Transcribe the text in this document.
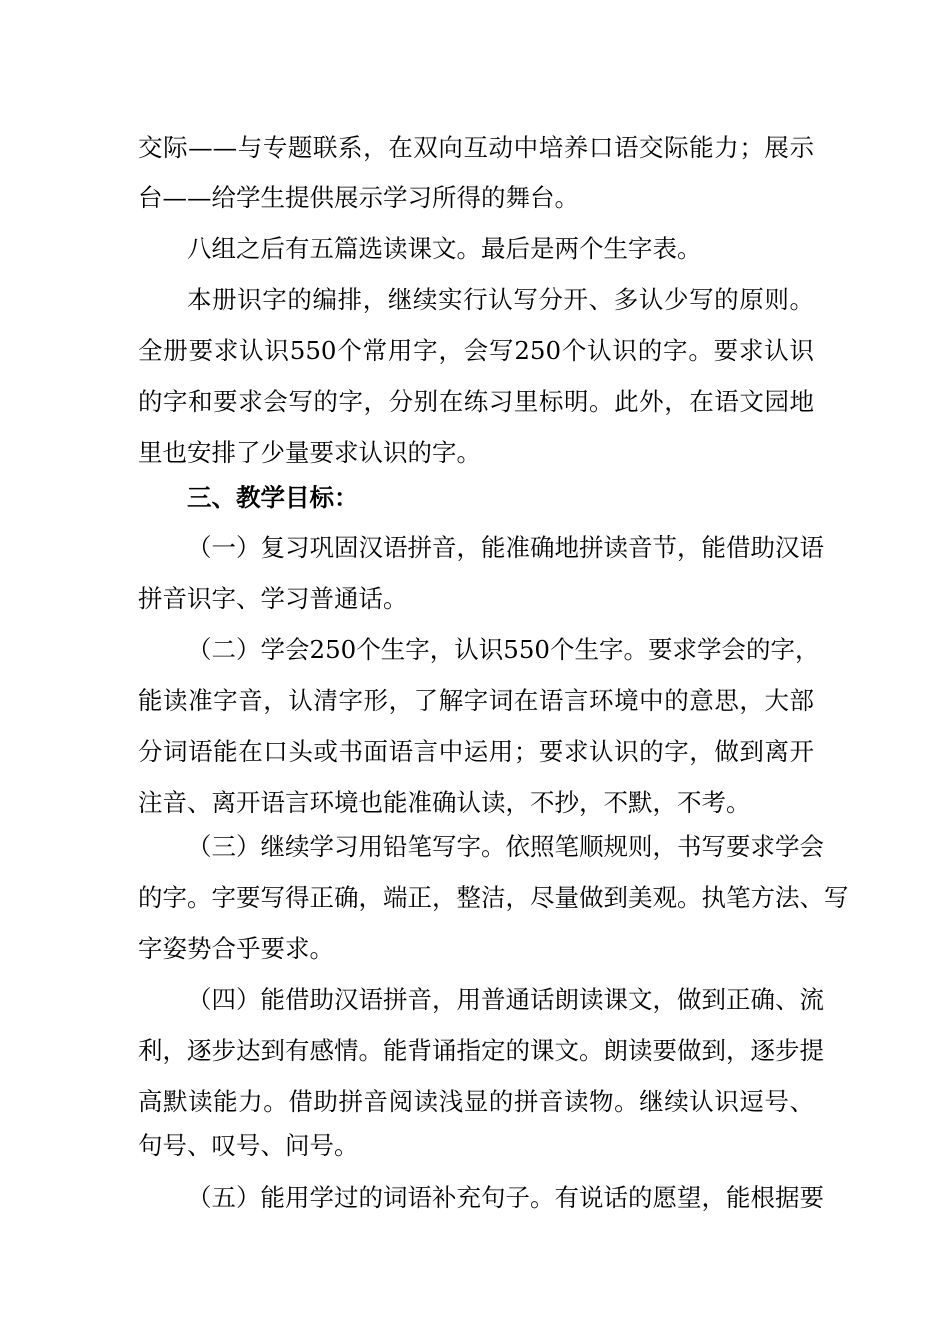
交际——与专题联系，在双向互动中培养口语交际能力；展示

台——给学生提供展示学习所得的舞台。

八组之后有五篇选读课文。最后是两个生字表。

本册识字的编排，继续实行认写分开、多认少写的原则。

全册要求认识550个常用字，会写250个认识的字。要求认识

的字和要求会写的字，分别在练习里标明。此外，在语文园地

里也安排了少量要求认识的字。

三、教学目标：

（一）复习巩固汉语拼音，能准确地拼读音节，能借助汉语

拼音识字、学习普通话。

（二）学会250个生字，认识550个生字。要求学会的字，

能读准字音，认清字形，了解字词在语言环境中的意思，大部

分词语能在口头或书面语言中运用；要求认识的字，做到离开

注音、离开语言环境也能准确认读，不抄，不默，不考。

（三）继续学习用铅笔写字。依照笔顺规则，书写要求学会

的字。字要写得正确，端正，整洁，尽量做到美观。执笔方法、写

字姿势合乎要求。

（四）能借助汉语拼音，用普通话朗读课文，做到正确、流

利，逐步达到有感情。能背诵指定的课文。朗读要做到，逐步提

高默读能力。借助拼音阅读浅显的拼音读物。继续认识逗号、

句号、叹号、问号。

（五）能用学过的词语补充句子。有说话的愿望，能根据要
